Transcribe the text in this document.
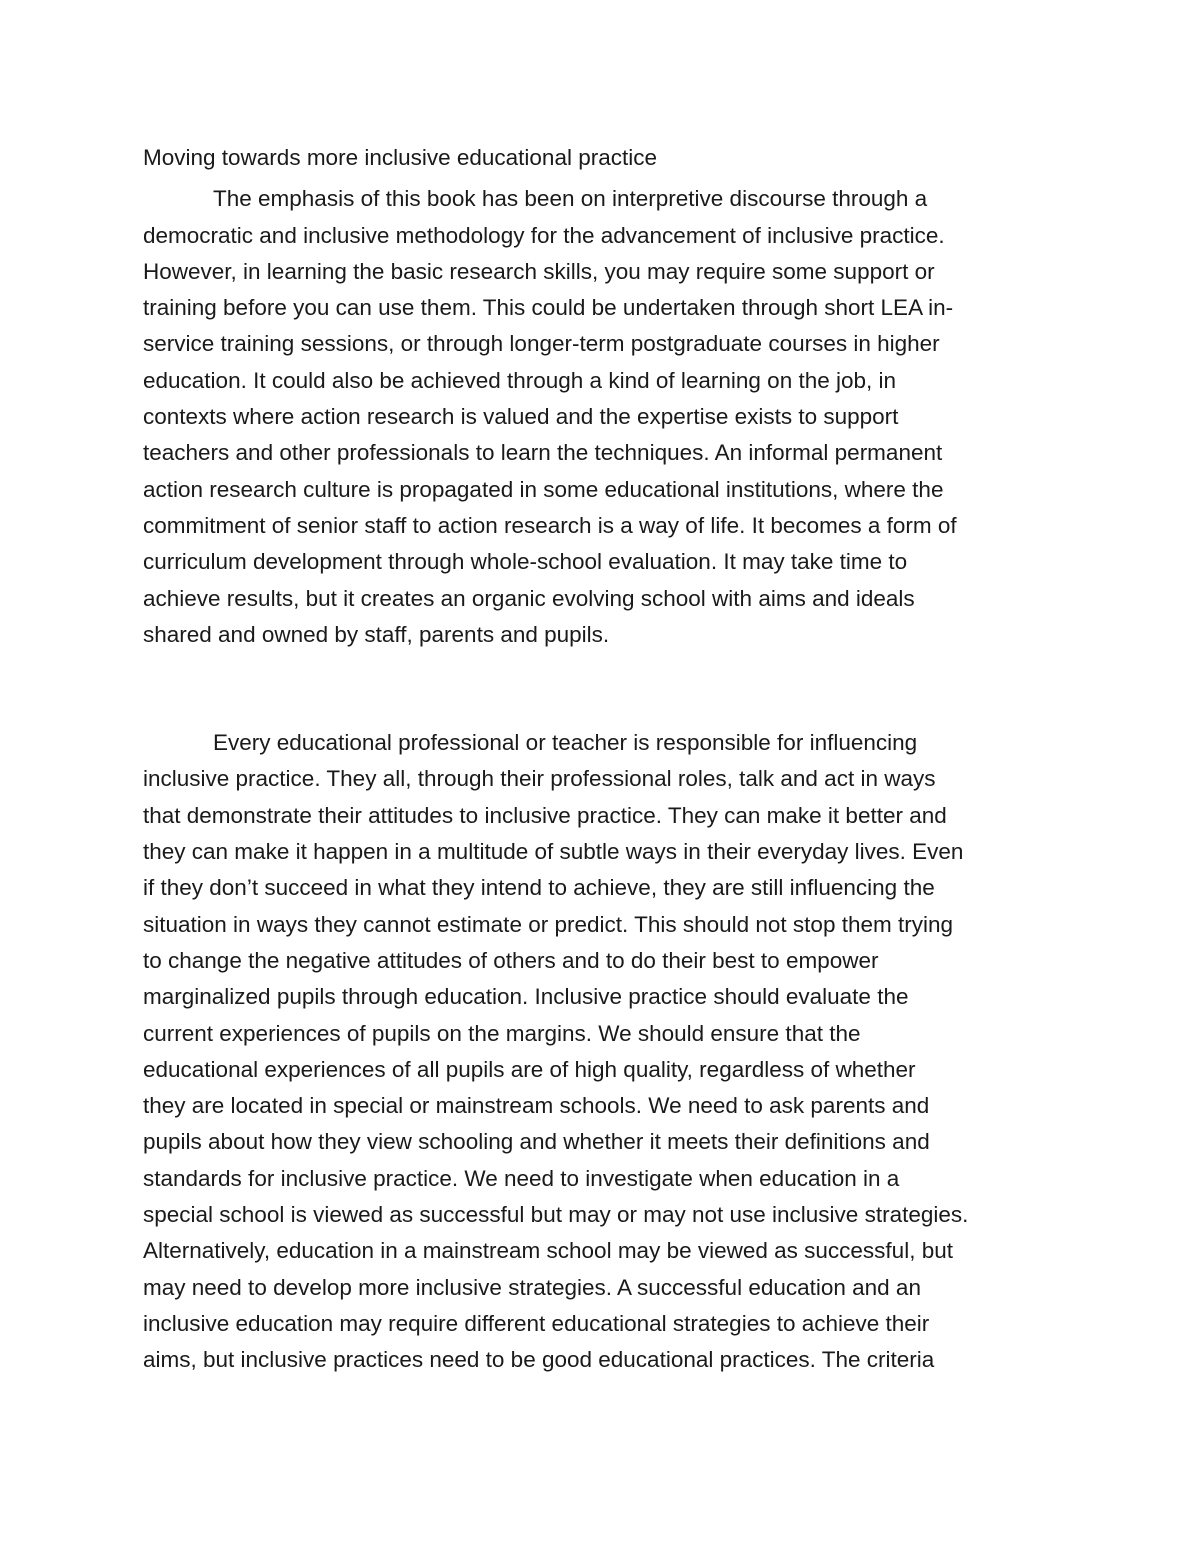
Moving towards more inclusive educational practice
The emphasis of this book has been on interpretive discourse through a
democratic and inclusive methodology for the advancement of inclusive practice.
However, in learning the basic research skills, you may require some support or
training before you can use them. This could be undertaken through short LEA in-
service training sessions, or through longer-term postgraduate courses in higher
education. It could also be achieved through a kind of learning on the job, in
contexts where action research is valued and the expertise exists to support
teachers and other professionals to learn the techniques. An informal permanent
action research culture is propagated in some educational institutions, where the
commitment of senior staff to action research is a way of life. It becomes a form of
curriculum development through whole-school evaluation. It may take time to
achieve results, but it creates an organic evolving school with aims and ideals
shared and owned by staff, parents and pupils.
Every educational professional or teacher is responsible for influencing
inclusive practice. They all, through their professional roles, talk and act in ways
that demonstrate their attitudes to inclusive practice. They can make it better and
they can make it happen in a multitude of subtle ways in their everyday lives. Even
if they don’t succeed in what they intend to achieve, they are still influencing the
situation in ways they cannot estimate or predict. This should not stop them trying
to change the negative attitudes of others and to do their best to empower
marginalized pupils through education. Inclusive practice should evaluate the
current experiences of pupils on the margins. We should ensure that the
educational experiences of all pupils are of high quality, regardless of whether
they are located in special or mainstream schools. We need to ask parents and
pupils about how they view schooling and whether it meets their definitions and
standards for inclusive practice. We need to investigate when education in a
special school is viewed as successful but may or may not use inclusive strategies.
Alternatively, education in a mainstream school may be viewed as successful, but
may need to develop more inclusive strategies. A successful education and an
inclusive education may require different educational strategies to achieve their
aims, but inclusive practices need to be good educational practices. The criteria
